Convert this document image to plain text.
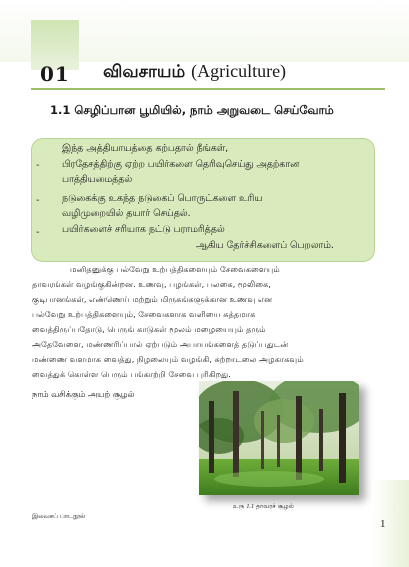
01 விவசாயம் (Agriculture)
1.1 செழிப்பான பூமியில், நாம் அறுவடை செய்வோம்
இந்த அத்தியாயத்தை கற்பதால் நீங்கள்,
- பிரதேசத்திற்கு ஏற்ற பயிர்களை தெரிவுசெய்து அதற்கான
பாத்தியமைத்தல்
- நடுகைக்கு உகந்த நடுகைப் பொருட்களை உரிய
வழிமுறையில் தயார் செய்தல்.
- பயிர்களைச் சரியாக நட்டு பராமரித்தல்
ஆகிய தேர்ச்சிகளைப் பெறலாம்.
மனிதனுக்கு பல்வேறு உற்பத்திகளையும் சேவைகளையும்
தாவரங்கள் வழங்குகின்றன. உணவு, பழங்கள், பலகை, மூலிகை,
குடிபானங்கள், எண்ணெய் மற்றும் மிருகங்களுக்கான உணவு என
பல்வேறு உற்பத்திகளையும், சேவைகளாக வளியை சுத்தமாக
வைத்திருப்பதோடு, பெருங் காடுகள் மூலம் மழையையும் தரும்
அதேவேளை, மண்ணரிப்பால் ஏற்படும் அபாயங்களைத் தடுப்பதுடன்
மண்ணை வளமாக வைத்து, நிழலையும் வழங்கி, சுற்றாடலை அழகாகவும்
வைத்துக் கொள்ள பெரும் பங்காற்றி சேவை புரிகிறது.
நாம் வசிக்கும் அயற் சூழல்
உரு 1.1 தாவரச் சூழல்
இலவசப் பாடநூல்
1
